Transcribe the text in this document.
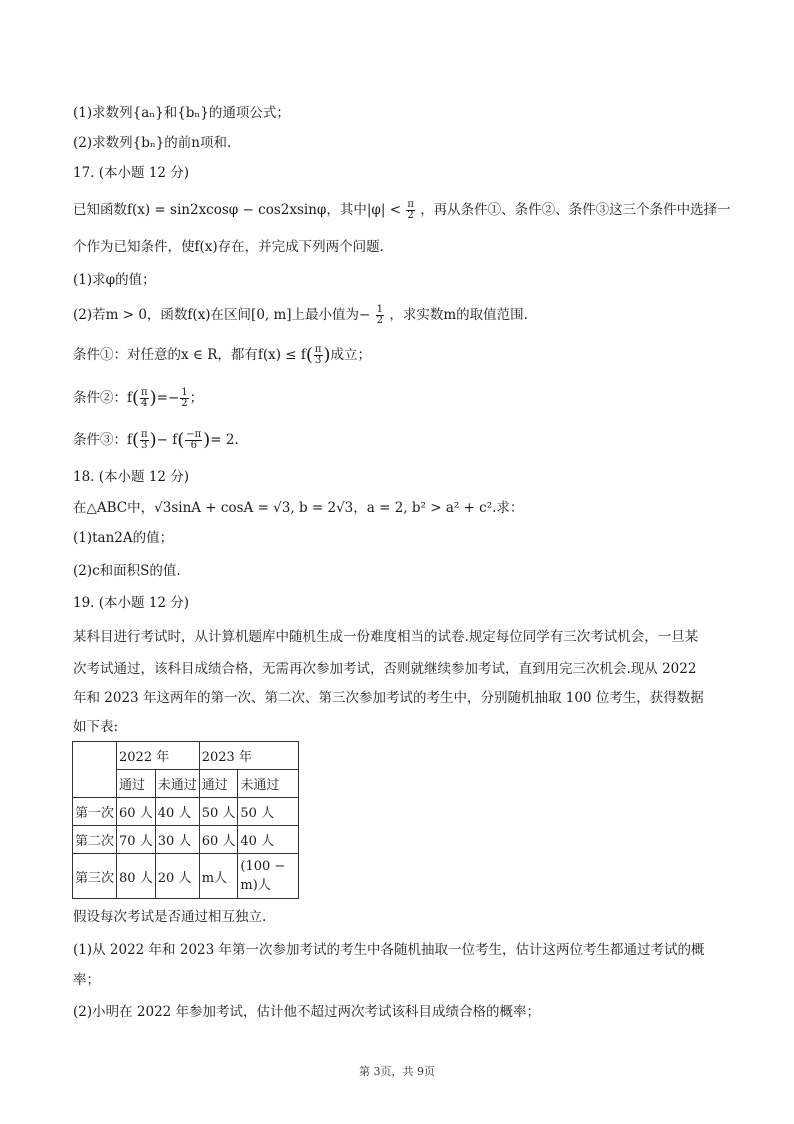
(1)求数列{aₙ}和{bₙ}的通项公式；
(2)求数列{bₙ}的前n项和.
17. (本小题 12 分)
已知函数f(x) = sin2xcosφ − cos2xsinφ，其中$|\varphi| < \frac{\pi}{2}$ ，再从条件①、条件②、条件③这三个条件中选择一
个作为已知条件，使f(x)存在，并完成下列两个问题.
(1)求φ的值；
(2)若m > 0，函数f(x)在区间[0, m]上最小值为− $\frac{1}{2}$ ，求实数m的取值范围.
条件①：对任意的x ∈ R，都有$f(x) \le f( \frac{\pi}{3}$ )成立；
条件②：$f( \frac{\pi}{4}$ )=− $\frac{1}{2}$ ；
条件③：$f( \frac{\pi}{3}$ )− $f( \frac{-\pi}{6}$ )= 2.
18. (本小题 12 分)
在△ABC中，√3sinA + cosA = √3, b = 2√3，a = 2, b² > a² + c².求：
(1)tan2A的值；
(2)c和面积S的值.
19. (本小题 12 分)
某科目进行考试时，从计算机题库中随机生成一份难度相当的试卷.规定每位同学有三次考试机会，一旦某
次考试通过，该科目成绩合格，无需再次参加考试，否则就继续参加考试，直到用完三次机会.现从 2022
年和 2023 年这两年的第一次、第二次、第三次参加考试的考生中，分别随机抽取 100 位考生，获得数据
如下表:
	2022 年		2023 年	
	通过	未通过	通过	未通过
第一次	60 人	40 人	50 人	50 人
第二次	70 人	30 人	60 人	40 人
第三次	80 人	20 人	m人	(100 − m)人
假设每次考试是否通过相互独立.
(1)从 2022 年和 2023 年第一次参加考试的考生中各随机抽取一位考生，估计这两位考生都通过考试的概
率；
(2)小明在 2022 年参加考试，估计他不超过两次考试该科目成绩合格的概率；
第 3页，共 9页
